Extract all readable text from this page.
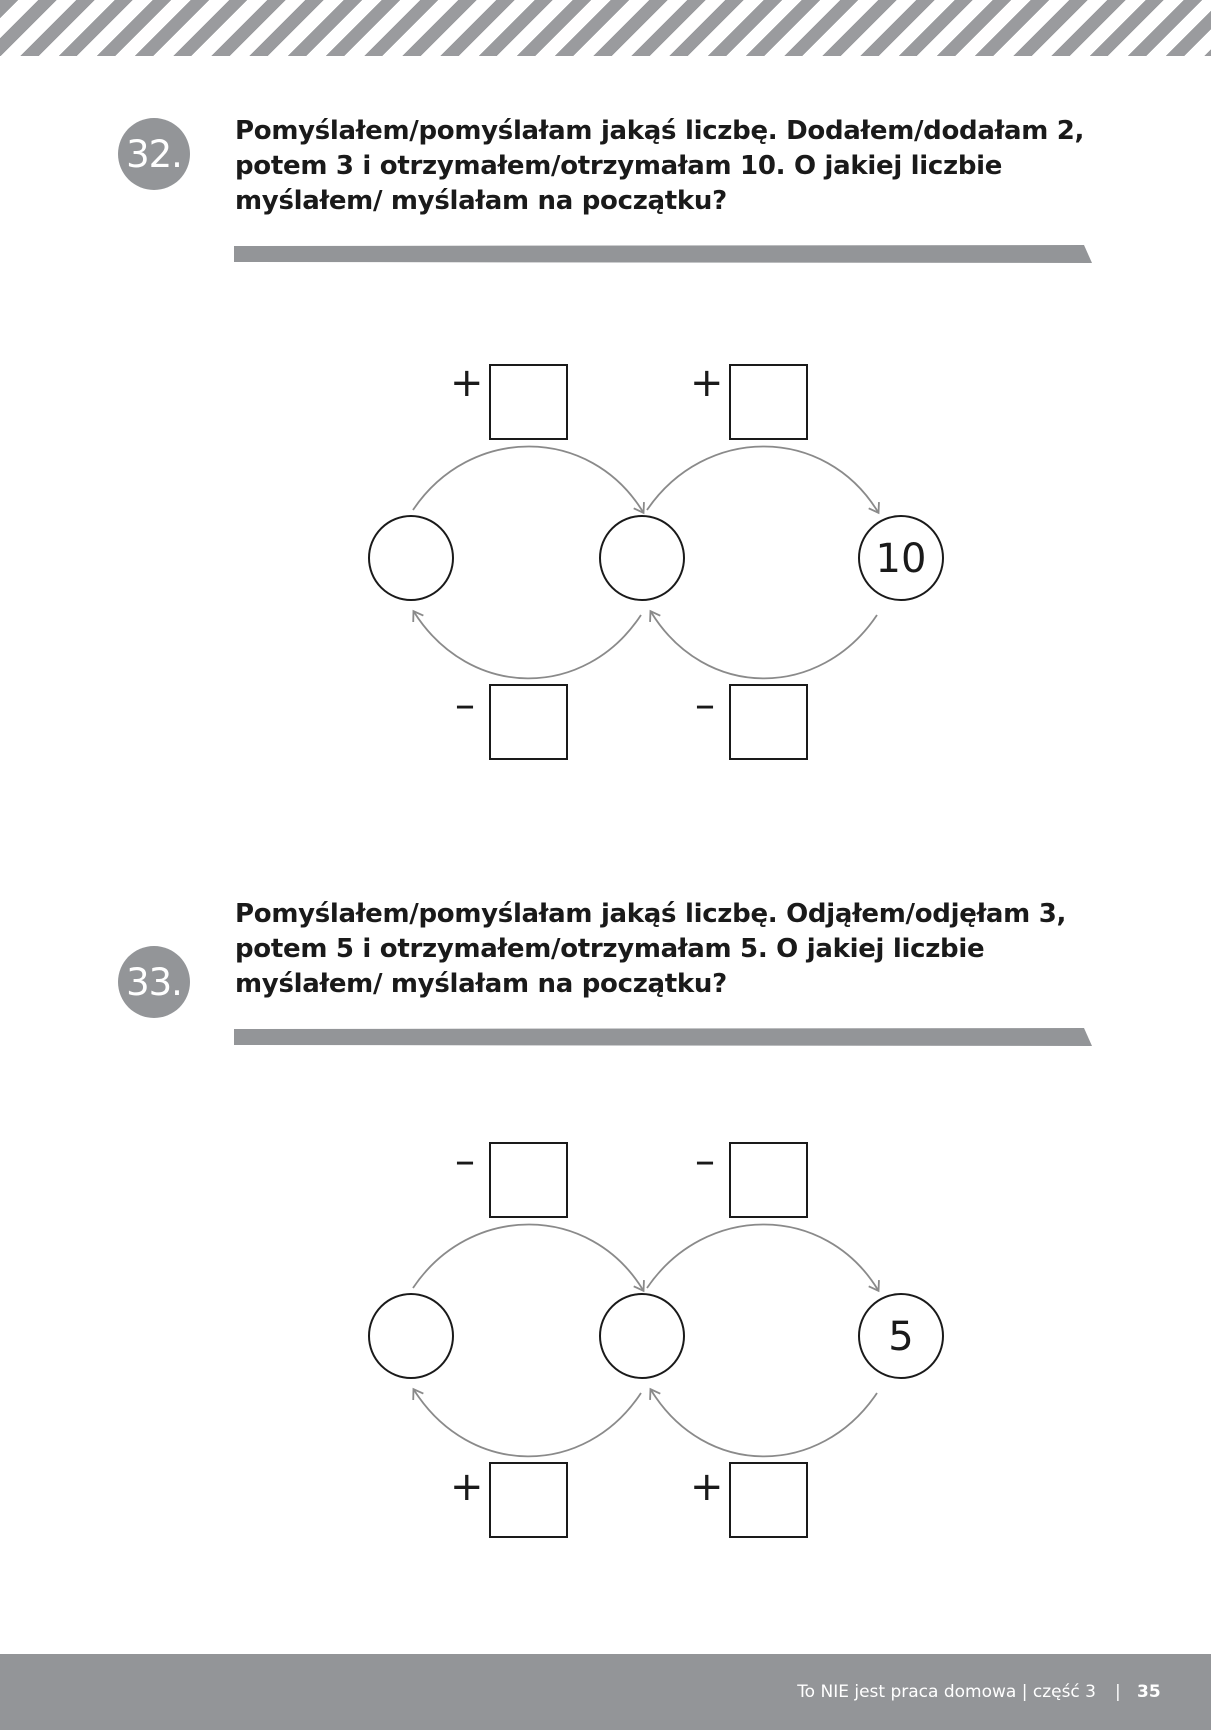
32.

Pomyślałem/pomyślałam jakąś liczbę. Dodałem/dodałam 2, potem 3 i otrzymałem/otrzymałam 10. O jakiej liczbie myślałem/ myślałam na początku?

+	+
10
–	–
33.

Pomyślałem/pomyślałam jakąś liczbę. Odjąłem/odjęłam 3, potem 5 i otrzymałem/otrzymałam 5. O jakiej liczbie myślałem/ myślałam na początku?

–	–
5
+	+
To NIE jest praca domowa | część 3 | 35
